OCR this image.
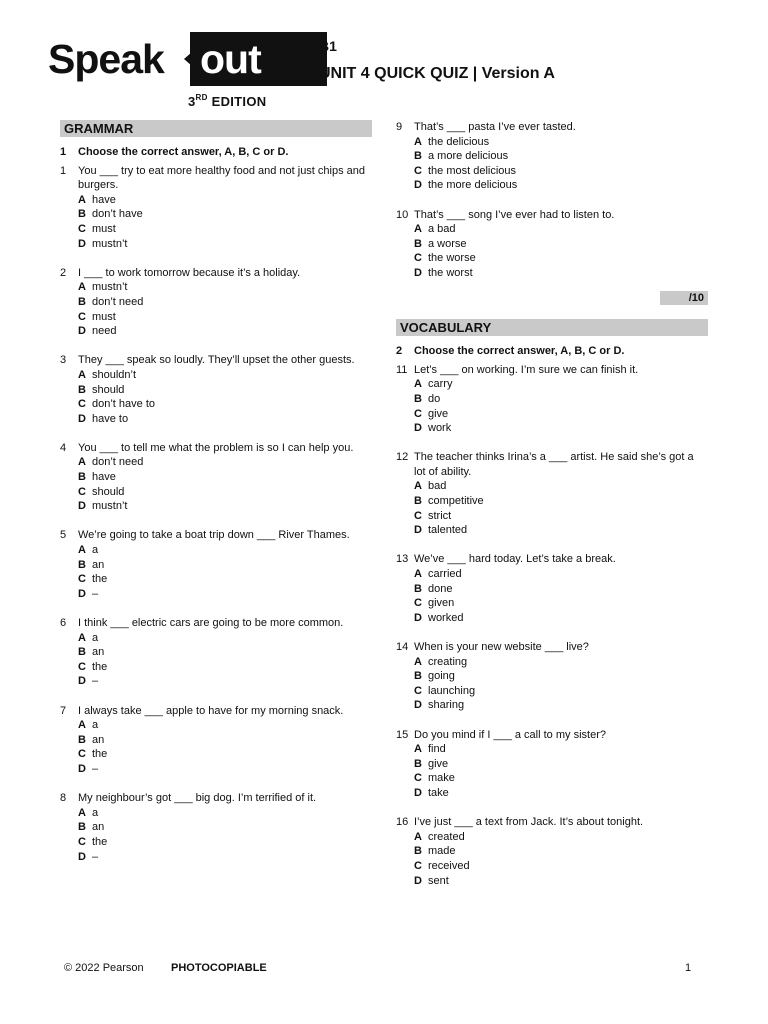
Speak out
3RD EDITION
B1
UNIT 4 QUICK QUIZ | Version A
GRAMMAR
1	Choose the correct answer, A, B, C or D.
1	You ___ try to eat more healthy food and not just chips and burgers.
A have
B don’t have
C must
D mustn’t
2	I ___ to work tomorrow because it’s a holiday.
A mustn’t
B don’t need
C must
D need
3	They ___ speak so loudly. They’ll upset the other guests.
A shouldn’t
B should
C don’t have to
D have to
4	You ___ to tell me what the problem is so I can help you.
A don’t need
B have
C should
D mustn’t
5	We’re going to take a boat trip down ___ River Thames.
A a
B an
C the
D –
6	I think ___ electric cars are going to be more common.
A a
B an
C the
D –
7	I always take ___ apple to have for my morning snack.
A a
B an
C the
D –
8	My neighbour’s got ___ big dog. I’m terrified of it.
A a
B an
C the
D –
9	That’s ___ pasta I’ve ever tasted.
A the delicious
B a more delicious
C the most delicious
D the more delicious
10 That’s ___ song I’ve ever had to listen to.
A a bad
B a worse
C the worse
D the worst
/10
VOCABULARY
2	Choose the correct answer, A, B, C or D.
11 Let’s ___ on working. I’m sure we can finish it.
A carry
B do
C give
D work
12 The teacher thinks Irina’s a ___ artist. He said she’s got a lot of ability.
A bad
B competitive
C strict
D talented
13 We’ve ___ hard today. Let’s take a break.
A carried
B done
C given
D worked
14 When is your new website ___ live?
A creating
B going
C launching
D sharing
15 Do you mind if I ___ a call to my sister?
A find
B give
C make
D take
16 I’ve just ___ a text from Jack. It’s about tonight.
A created
B made
C received
D sent
© 2022 Pearson PHOTOCOPIABLE	1
